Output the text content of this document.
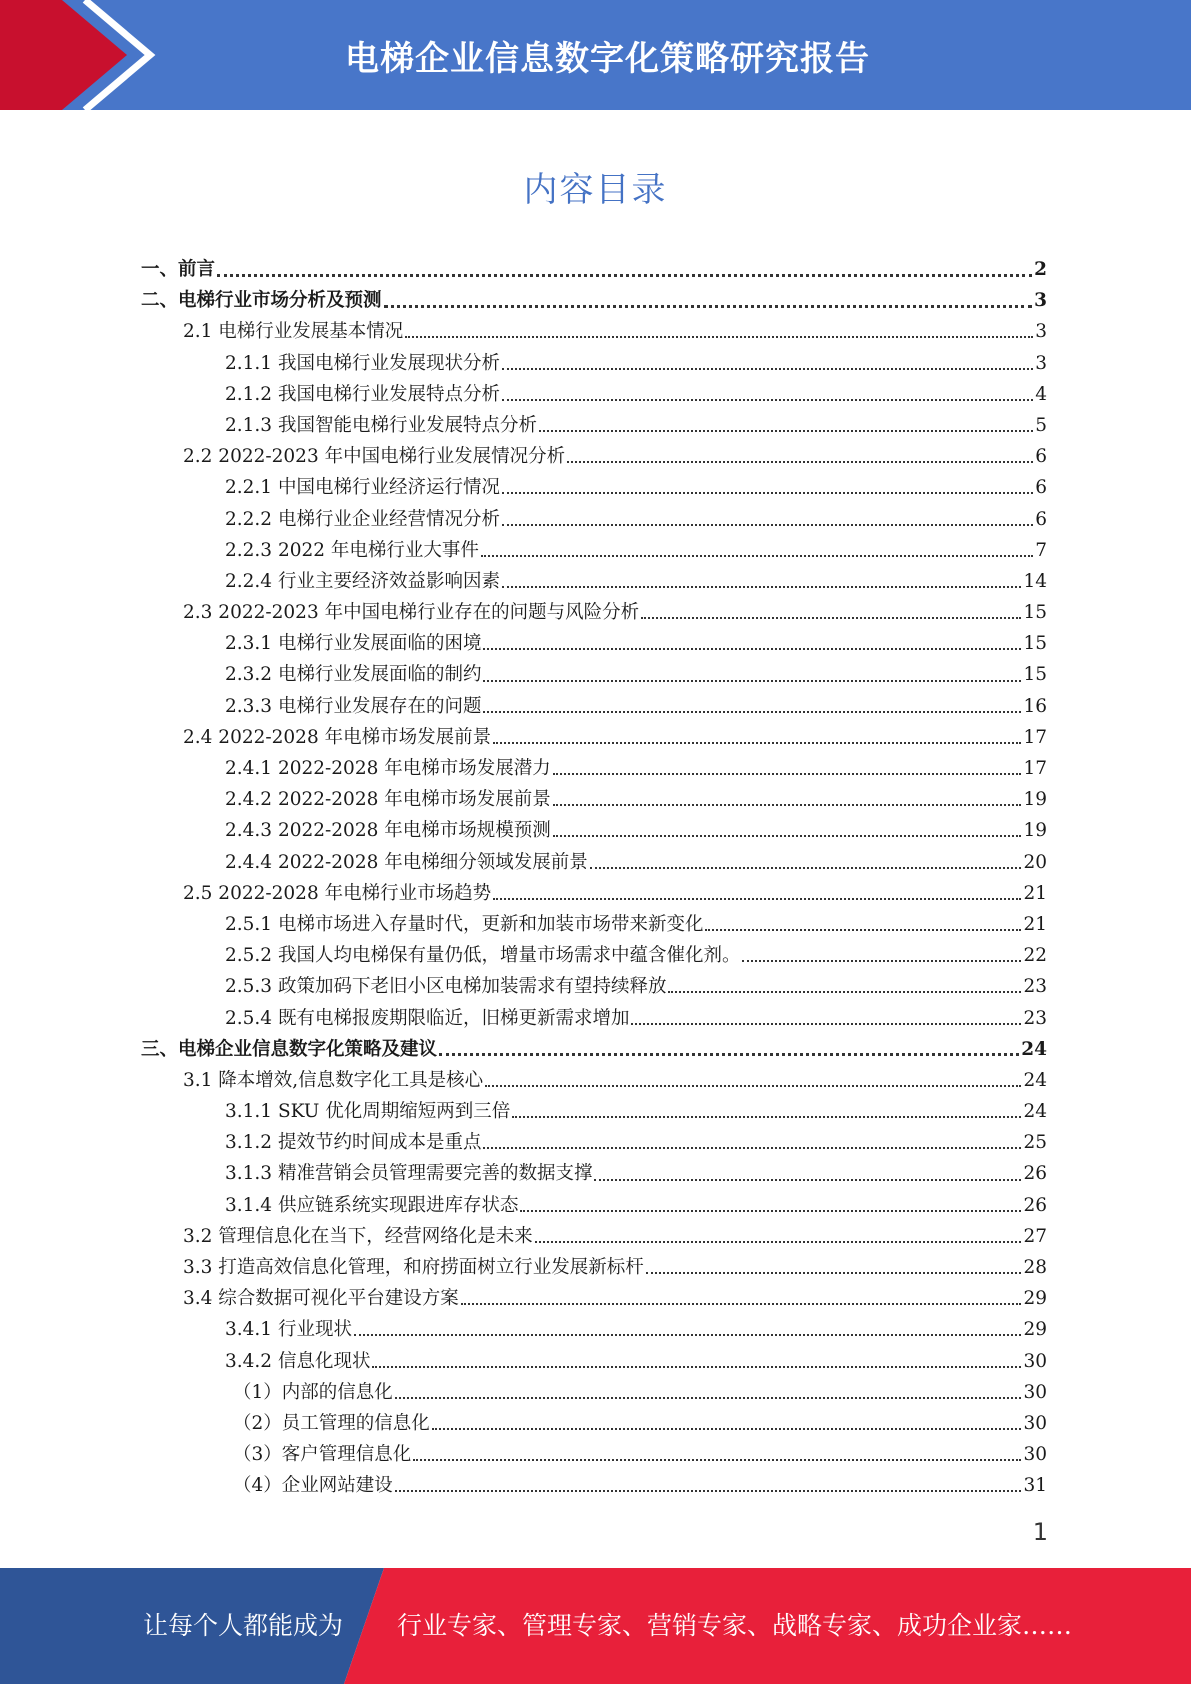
电梯企业信息数字化策略研究报告
内容目录
一、前言	2
二、电梯行业市场分析及预测	3
2.1 电梯行业发展基本情况	3
2.1.1 我国电梯行业发展现状分析	3
2.1.2 我国电梯行业发展特点分析	4
2.1.3 我国智能电梯行业发展特点分析	5
2.2 2022-2023 年中国电梯行业发展情况分析	6
2.2.1 中国电梯行业经济运行情况	6
2.2.2 电梯行业企业经营情况分析	6
2.2.3 2022 年电梯行业大事件	7
2.2.4 行业主要经济效益影响因素	14
2.3 2022-2023 年中国电梯行业存在的问题与风险分析	15
2.3.1 电梯行业发展面临的困境	15
2.3.2 电梯行业发展面临的制约	15
2.3.3 电梯行业发展存在的问题	16
2.4 2022-2028 年电梯市场发展前景	17
2.4.1 2022-2028 年电梯市场发展潜力	17
2.4.2 2022-2028 年电梯市场发展前景	19
2.4.3 2022-2028 年电梯市场规模预测	19
2.4.4 2022-2028 年电梯细分领域发展前景	20
2.5 2022-2028 年电梯行业市场趋势	21
2.5.1 电梯市场进入存量时代，更新和加装市场带来新变化	21
2.5.2 我国人均电梯保有量仍低，增量市场需求中蕴含催化剂。	22
2.5.3 政策加码下老旧小区电梯加装需求有望持续释放	23
2.5.4 既有电梯报废期限临近，旧梯更新需求增加	23
三、电梯企业信息数字化策略及建议	24
3.1 降本增效,信息数字化工具是核心	24
3.1.1 SKU 优化周期缩短两到三倍	24
3.1.2 提效节约时间成本是重点	25
3.1.3 精准营销会员管理需要完善的数据支撑	26
3.1.4 供应链系统实现跟进库存状态	26
3.2 管理信息化在当下，经营网络化是未来	27
3.3 打造高效信息化管理，和府捞面树立行业发展新标杆	28
3.4 综合数据可视化平台建设方案	29
3.4.1 行业现状	29
3.4.2 信息化现状	30
（1）内部的信息化	30
（2）员工管理的信息化	30
（3）客户管理信息化	30
（4）企业网站建设	31
1
让每个人都能成为 行业专家、管理专家、营销专家、战略专家、成功企业家……
